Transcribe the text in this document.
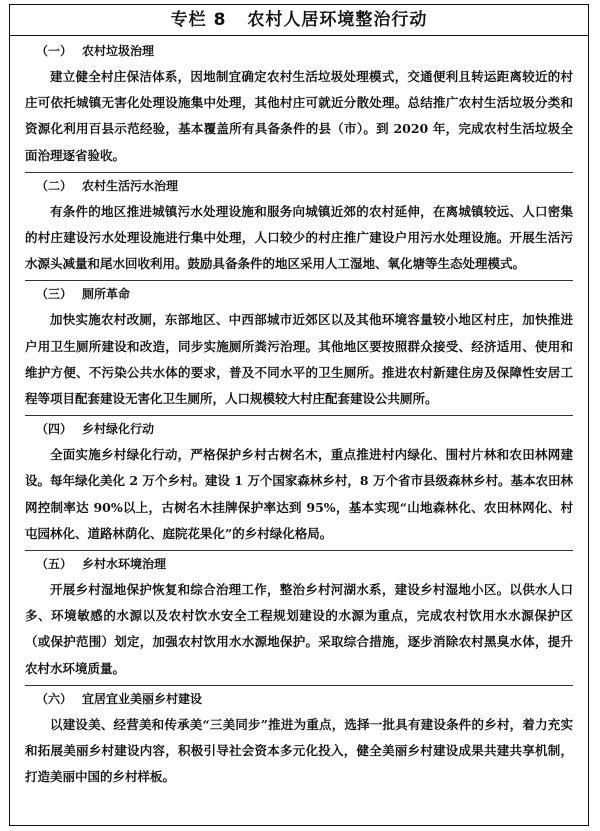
专栏 8 农村人居环境整治行动
（一） 农村垃圾治理

建立健全村庄保洁体系，因地制宜确定农村生活垃圾处理模式，交通便利且转运距离较近的村庄可依托城镇无害化处理设施集中处理，其他村庄可就近分散处理。总结推广农村生活垃圾分类和资源化利用百县示范经验，基本覆盖所有具备条件的县（市）。到 2020 年，完成农村生活垃圾全面治理逐省验收。

（二） 农村生活污水治理

有条件的地区推进城镇污水处理设施和服务向城镇近郊的农村延伸，在离城镇较远、人口密集的村庄建设污水处理设施进行集中处理，人口较少的村庄推广建设户用污水处理设施。开展生活污水源头减量和尾水回收利用。鼓励具备条件的地区采用人工湿地、氧化塘等生态处理模式。

（三） 厕所革命

加快实施农村改厕，东部地区、中西部城市近郊区以及其他环境容量较小地区村庄，加快推进户用卫生厕所建设和改造，同步实施厕所粪污治理。其他地区要按照群众接受、经济适用、使用和维护方便、不污染公共水体的要求，普及不同水平的卫生厕所。推进农村新建住房及保障性安居工程等项目配套建设无害化卫生厕所，人口规模较大村庄配套建设公共厕所。

（四） 乡村绿化行动

全面实施乡村绿化行动，严格保护乡村古树名木，重点推进村内绿化、围村片林和农田林网建设。每年绿化美化 2 万个乡村。建设 1 万个国家森林乡村，8 万个省市县级森林乡村。基本农田林网控制率达 90%以上，古树名木挂牌保护率达到 95%，基本实现“山地森林化、农田林网化、村屯园林化、道路林荫化、庭院花果化”的乡村绿化格局。

（五） 乡村水环境治理

开展乡村湿地保护恢复和综合治理工作，整治乡村河湖水系，建设乡村湿地小区。以供水人口多、环境敏感的水源以及农村饮水安全工程规划建设的水源为重点，完成农村饮用水水源保护区（或保护范围）划定，加强农村饮用水水源地保护。采取综合措施，逐步消除农村黑臭水体，提升农村水环境质量。

（六） 宜居宜业美丽乡村建设

以建设美、经营美和传承美“三美同步”推进为重点，选择一批具有建设条件的乡村，着力充实和拓展美丽乡村建设内容，积极引导社会资本多元化投入，健全美丽乡村建设成果共建共享机制，打造美丽中国的乡村样板。
